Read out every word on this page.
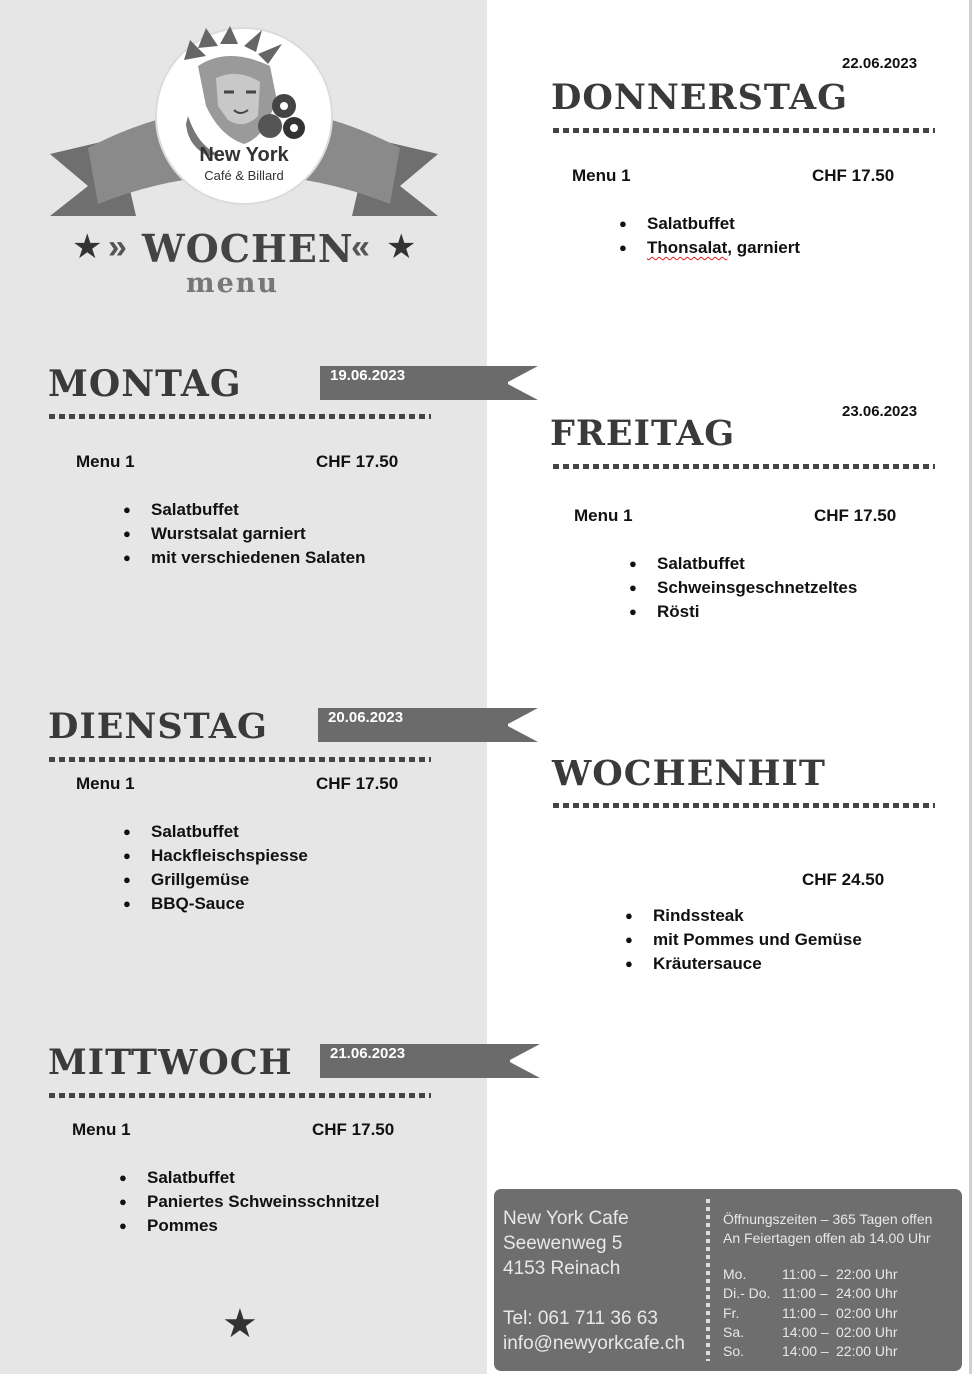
New York
Café & Billard
★ » WOCHEN
« ★
menu
MONTAG	19.06.2023
Menu 1	CHF 17.50
● Salatbuffet
● Wurstsalat garniert
● mit verschiedenen Salaten
DIENSTAG	20.06.2023
Menu 1	CHF 17.50
● Salatbuffet
● Hackfleischspiesse
● Grillgemüse
● BBQ-Sauce
MITTWOCH 21.06.2023
Menu 1	CHF 17.50
● Salatbuffet
● Paniertes Schweinsschnitzel
● Pommes
★
22.06.2023
DONNERSTAG
Menu 1	CHF 17.50
● Salatbuffet
● Thonsalat, garniert
23.06.2023
FREITAG
Menu 1	CHF 17.50
● Salatbuffet
● Schweinsgeschnetzeltes
● Rösti
WOCHENHIT
CHF 24.50
● Rindssteak
● mit Pommes und Gemüse
● Kräutersauce
New York Cafe
Seewenweg 5
4153 Reinach
Tel: 061 711 36 63
info@newyorkcafe.ch
Öffnungszeiten – 365 Tagen offen
An Feiertagen offen ab 14.00 Uhr
Mo.	11:00 –	22:00 Uhr
Di.- Do.	11:00 –	24:00 Uhr
Fr.	11:00 –	02:00 Uhr
Sa.	14:00 –	02:00 Uhr
So.	14:00 –	22:00 Uhr
